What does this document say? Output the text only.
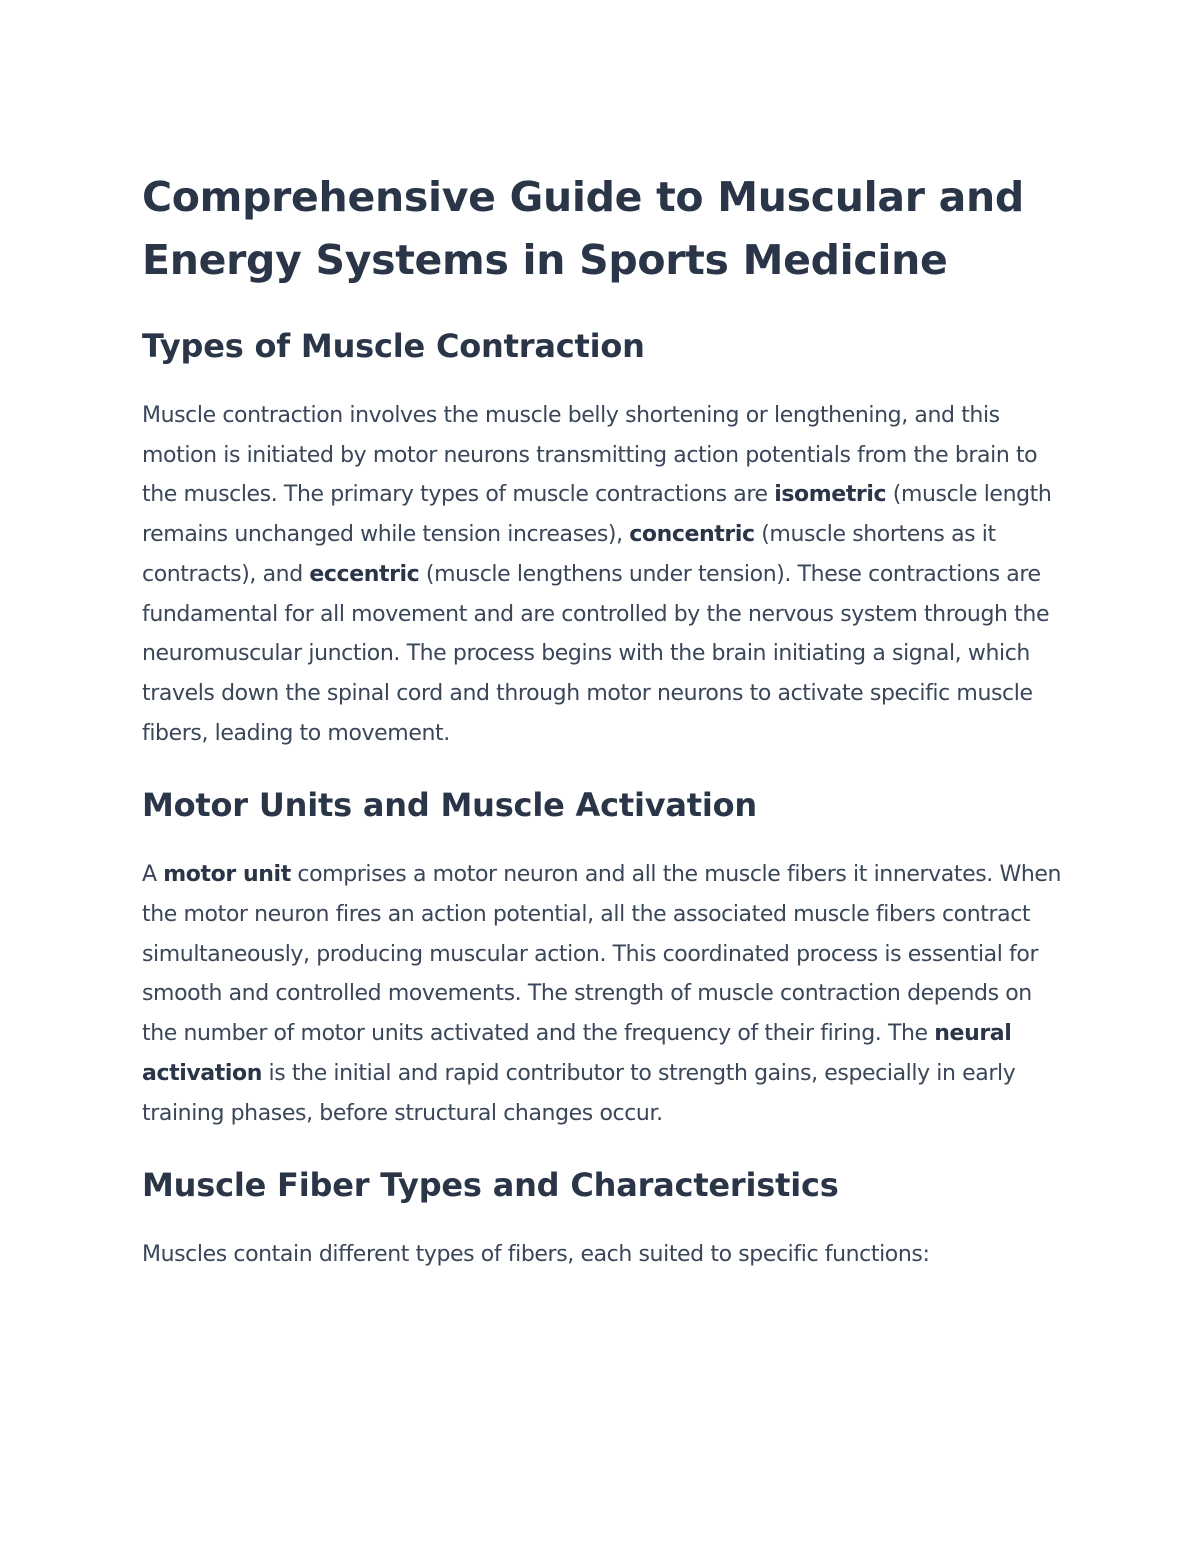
Comprehensive Guide to Muscular and Energy Systems in Sports Medicine
Types of Muscle Contraction

Muscle contraction involves the muscle belly shortening or lengthening, and this motion is initiated by motor neurons transmitting action potentials from the brain to the muscles. The primary types of muscle contractions are isometric (muscle length remains unchanged while tension increases), concentric (muscle shortens as it contracts), and eccentric (muscle lengthens under tension). These contractions are fundamental for all movement and are controlled by the nervous system through the neuromuscular junction. The process begins with the brain initiating a signal, which travels down the spinal cord and through motor neurons to activate specific muscle fibers, leading to movement.

Motor Units and Muscle Activation

A motor unit comprises a motor neuron and all the muscle fibers it innervates. When the motor neuron fires an action potential, all the associated muscle fibers contract simultaneously, producing muscular action. This coordinated process is essential for smooth and controlled movements. The strength of muscle contraction depends on the number of motor units activated and the frequency of their firing. The neural activation is the initial and rapid contributor to strength gains, especially in early training phases, before structural changes occur.

Muscle Fiber Types and Characteristics

Muscles contain different types of fibers, each suited to specific functions:
